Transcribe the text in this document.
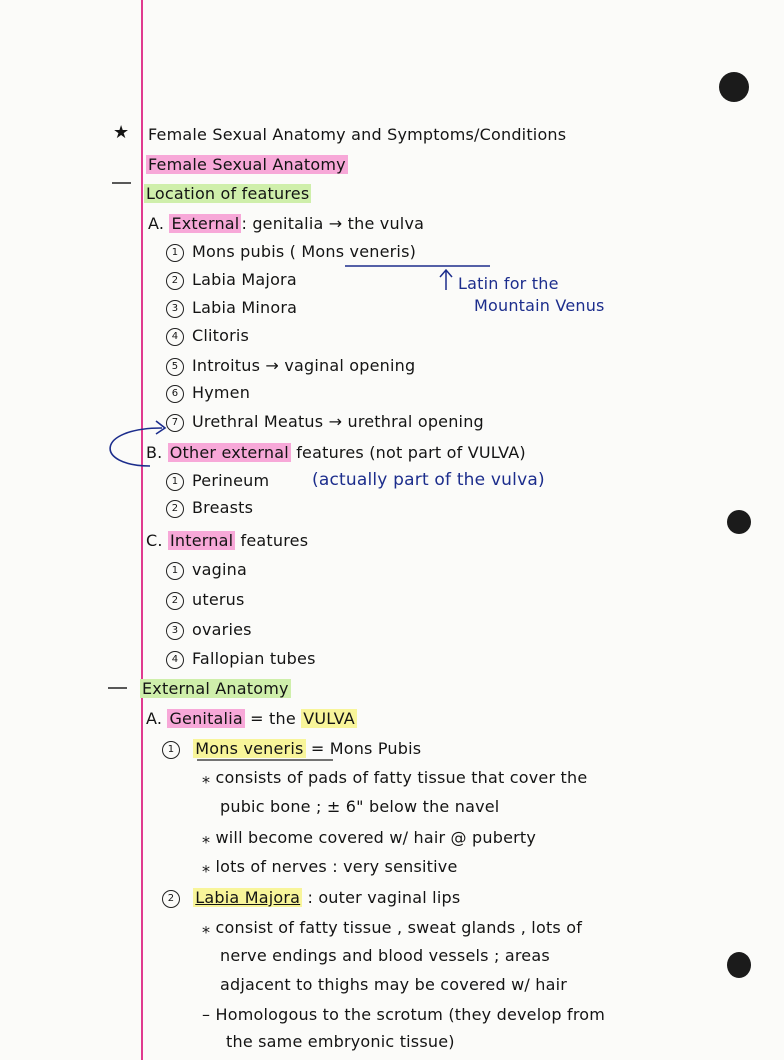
★ Female Sexual Anatomy and Symptoms/Conditions
Female Sexual Anatomy
Location of features
A. External : genitalia → the vulva
1 Mons pubis ( Mons veneris)
2 Labia Majora
3 Labia Minora
4 Clitoris
5 Introitus → vaginal opening
6 Hymen
7 Urethral Meatus → urethral opening
Latin for the
Mountain Venus
B. Other external features (not part of VULVA)
1 Perineum	(actually part of the vulva)
2 Breasts
C. Internal features
1 vagina
2 uterus
3 ovaries
4 Fallopian tubes
External Anatomy
A. Genitalia = the VULVA
1 Mons veneris = Mons Pubis
⁎ consists of pads of fatty tissue that cover the
pubic bone ; ± 6" below the navel
⁎ will become covered w/ hair @ puberty
⁎ lots of nerves : very sensitive
2 Labia Majora : outer vaginal lips
⁎ consist of fatty tissue , sweat glands , lots of
nerve endings and blood vessels ; areas
adjacent to thighs may be covered w/ hair
– Homologous to the scrotum (they develop from
the same embryonic tissue)
